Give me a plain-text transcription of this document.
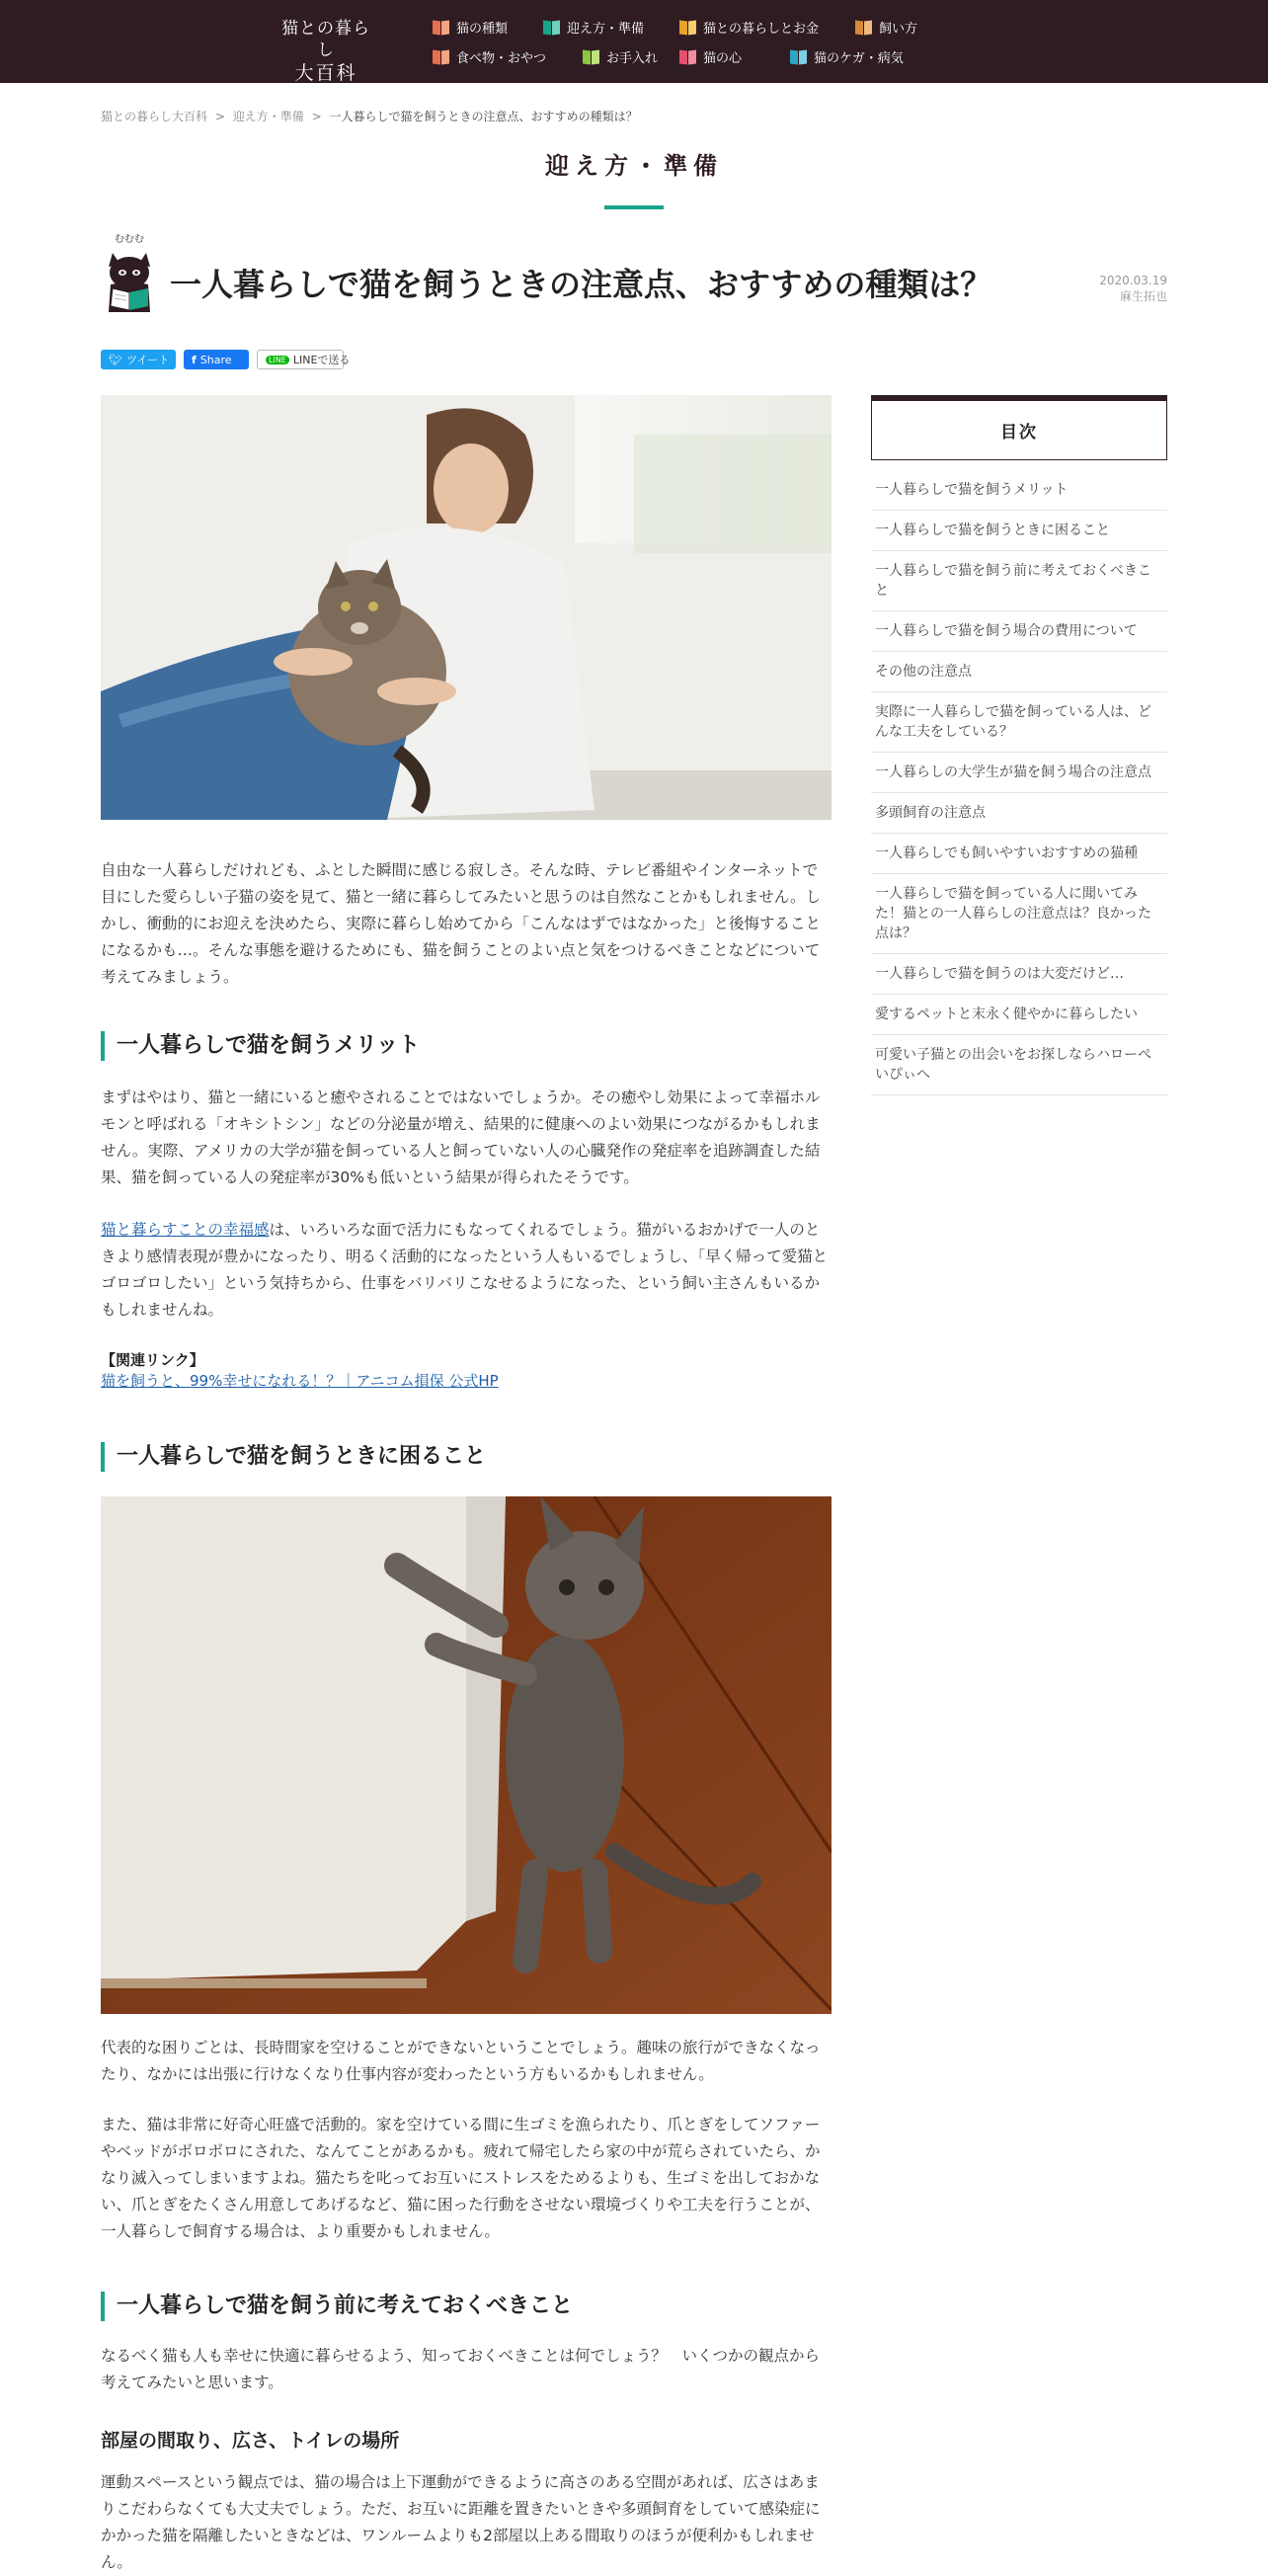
猫との暮らし
大百科
猫の種類	迎え方・準備	猫との暮らしとお金	飼い方
食べ物・おやつ	お手入れ	猫の心	猫のケガ・病気
猫との暮らし大百科 > 迎え方・準備 > 一人暮らしで猫を飼うときの注意点、おすすめの種類は？
迎え方・準備
むむむ
一人暮らしで猫を飼うときの注意点、おすすめの種類は？	2020.03.19
麻生拓也
🐦︎ ツイート f Share	LINE LINEで送る

自由な一人暮らしだけれども、ふとした瞬間に感じる寂しさ。そんな時、テレビ番組やインターネットで目にした愛らしい子猫の姿を見て、猫と一緒に暮らしてみたいと思うのは自然なことかもしれません。しかし、衝動的にお迎えを決めたら、実際に暮らし始めてから「こんなはずではなかった」と後悔することになるかも…。そんな事態を避けるためにも、猫を飼うことのよい点と気をつけるべきことなどについて考えてみましょう。

一人暮らしで猫を飼うメリット

まずはやはり、猫と一緒にいると癒やされることではないでしょうか。その癒やし効果によって幸福ホルモンと呼ばれる「オキシトシン」などの分泌量が増え、結果的に健康へのよい効果につながるかもしれません。実際、アメリカの大学が猫を飼っている人と飼っていない人の心臓発作の発症率を追跡調査した結果、猫を飼っている人の発症率が30%も低いという結果が得られたそうです。

猫と暮らすことの幸福感は、いろいろな面で活力にもなってくれるでしょう。猫がいるおかげで一人のときより感情表現が豊かになったり、明るく活動的になったという人もいるでしょうし、「早く帰って愛猫とゴロゴロしたい」という気持ちから、仕事をバリバリこなせるようになった、という飼い主さんもいるかもしれませんね。

【関連リンク】
猫を飼うと、99%幸せになれる！？｜アニコム損保 公式HP
一人暮らしで猫を飼うときに困ること

代表的な困りごとは、長時間家を空けることができないということでしょう。趣味の旅行ができなくなったり、なかには出張に行けなくなり仕事内容が変わったという方もいるかもしれません。

また、猫は非常に好奇心旺盛で活動的。家を空けている間に生ゴミを漁られたり、爪とぎをしてソファーやベッドがボロボロにされた、なんてことがあるかも。疲れて帰宅したら家の中が荒らされていたら、かなり滅入ってしまいますよね。猫たちを叱ってお互いにストレスをためるよりも、生ゴミを出しておかない、爪とぎをたくさん用意してあげるなど、猫に困った行動をさせない環境づくりや工夫を行うことが、一人暮らしで飼育する場合は、より重要かもしれません。

一人暮らしで猫を飼う前に考えておくべきこと

なるべく猫も人も幸せに快適に暮らせるよう、知っておくべきことは何でしょう？　いくつかの観点から考えてみたいと思います。

部屋の間取り、広さ、トイレの場所

運動スペースという観点では、猫の場合は上下運動ができるように高さのある空間があれば、広さはあまりこだわらなくても大丈夫でしょう。ただ、お互いに距離を置きたいときや多頭飼育をしていて感染症にかかった猫を隔離したいときなどは、ワンルームよりも2部屋以上ある間取りのほうが便利かもしれません。

目次
一人暮らしで猫を飼うメリット
一人暮らしで猫を飼うときに困ること
一人暮らしで猫を飼う前に考えておくべきこと
一人暮らしで猫を飼う場合の費用について
その他の注意点
実際に一人暮らしで猫を飼っている人は、どんな工夫をしている？
一人暮らしの大学生が猫を飼う場合の注意点
多頭飼育の注意点
一人暮らしでも飼いやすいおすすめの猫種
一人暮らしで猫を飼っている人に聞いてみた！猫との一人暮らしの注意点は？良かった点は？
一人暮らしで猫を飼うのは大変だけど…
愛するペットと末永く健やかに暮らしたい
可愛い子猫との出会いをお探しならハローぺいぴぃへ
